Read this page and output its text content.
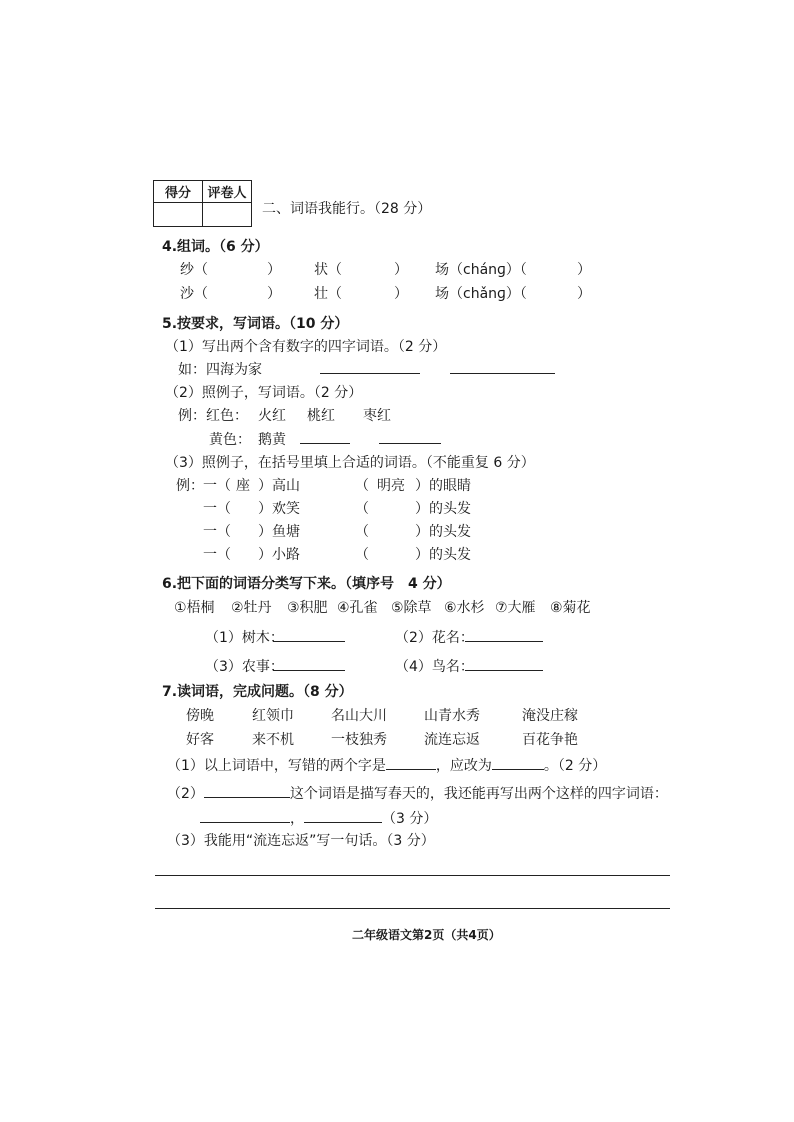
得分	评卷人

二、词语我能行。（28 分）
4.组词。（6 分）
纱（	） 状（	） 场（chánɡ）（	）
沙（	） 壮（	） 场（chǎnɡ）（	）
5.按要求，写词语。（10 分）
（1）写出两个含有数字的四字词语。（2 分）
如：四海为家
（2）照例子，写词语。（2 分）
例：红色： 火红 桃红 枣红
黄色： 鹅黄
（3）照例子，在括号里填上合适的词语。（不能重复 6 分）
例： 一（ 座 ）高山	（ 明亮 ）的眼睛
一（ ）欢笑	（	）的头发
一（ ）鱼塘	（	）的头发
一（ ）小路	（	）的头发
6.把下面的词语分类写下来。（填序号　4 分）
①梧桐 ②牡丹 ③积肥 ④孔雀 ⑤除草 ⑥水杉 ⑦大雁 ⑧菊花
（1）树木：	（2）花名：
（3）农事：	（4）鸟名：
7.读词语，完成问题。（8 分）
傍晚	红领巾	名山大川	山青水秀	淹没庄稼
好客	来不机	一枝独秀	流连忘返	百花争艳
（1）以上词语中，写错的两个字是	，应改为	。（2 分）
（2）	这个词语是描写春天的，我还能再写出两个这样的四字词语：
，	（3 分）
（3）我能用“流连忘返”写一句话。（3 分）
二年级语文第2页（共4页）
